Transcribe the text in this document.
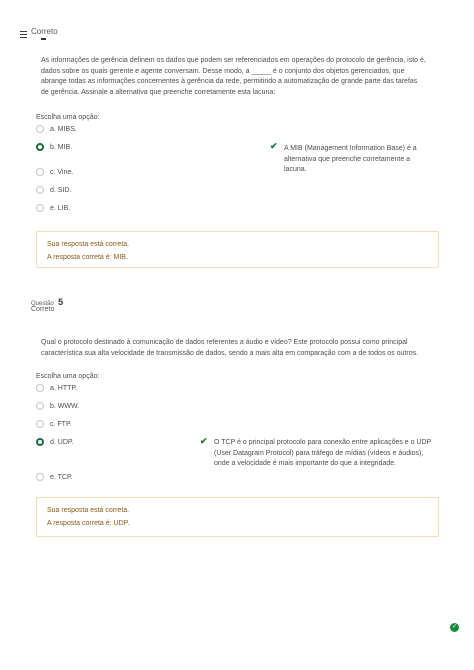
Correto
As informações de gerência definem os dados que podem ser referenciados em operações do protocolo de gerência, isto é, dados sobre os quais gerente e agente conversam. Desse modo, a _____ é o conjunto dos objetos gerenciados, que abrange todas as informações concernentes à gerência da rede, permitindo a automatização de grande parte das tarefas de gerência. Assinale a alternativa que preenche corretamente esta lacuna:
Escolha uma opção:
a. MIBS.
b. MIB.
c. Vine.
d. SID.
e. LIB.
✔ A MIB (Management Information Base) é a alternativa que preenche corretamente a lacuna.
Sua resposta está correta.
A resposta correta é: MIB.
Questão 5
Correto
Qual o protocolo destinado à comunicação de dados referentes a áudio e vídeo? Este protocolo possui como principal característica sua alta velocidade de transmissão de dados, sendo a mais alta em comparação com a de todos os outros.
Escolha uma opção:
a. HTTP.
b. WWW.
c. FTP.
d. UDP.
e. TCP.
✔ O TCP é o principal protocolo para conexão entre aplicações e o UDP (User Datagram Protocol) para tráfego de mídias (vídeos e áudios), onde a velocidade é mais importante do que a integridade.
Sua resposta está correta.
A resposta correta é: UDP.
✓
